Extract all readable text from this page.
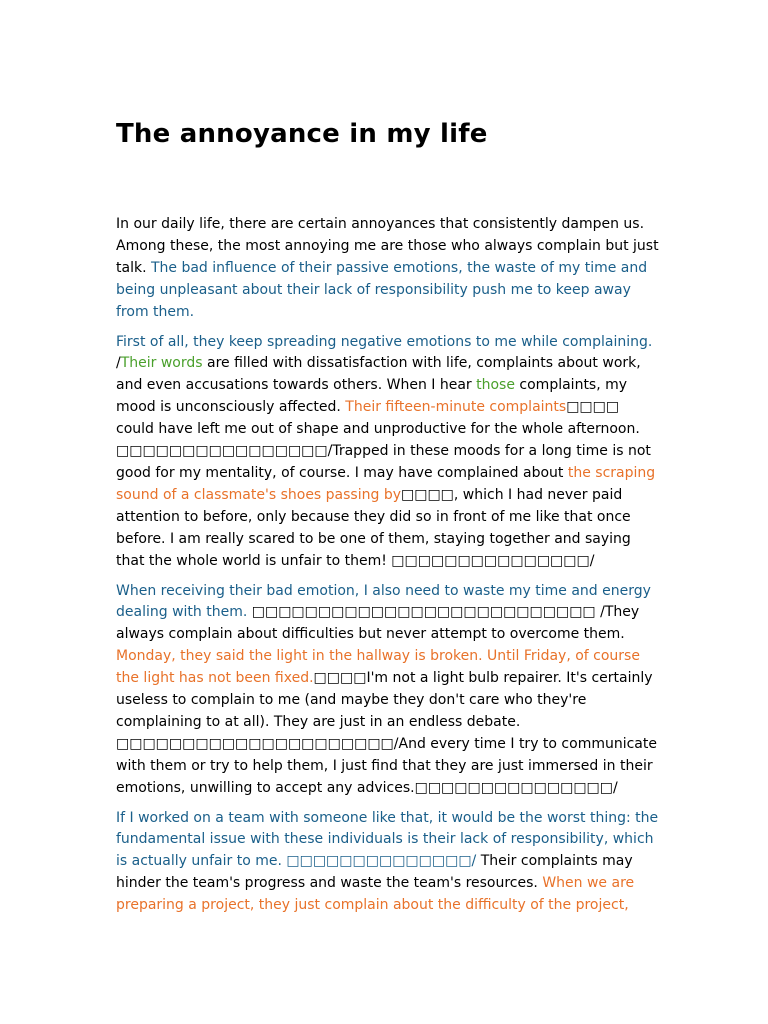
The annoyance in my life

In our daily life, there are certain annoyances that consistently dampen us. Among these, the most annoying me are those who always complain but just talk. The bad influence of their passive emotions, the waste of my time and being unpleasant about their lack of responsibility push me to keep away from them.

First of all, they keep spreading negative emotions to me while complaining. /Their words are filled with dissatisfaction with life, complaints about work, and even accusations towards others. When I hear those complaints, my mood is unconsciously affected. Their fifteen-minute complaints□□□□ could have left me out of shape and unproductive for the whole afternoon. □□□□□□□□□□□□□□□□/Trapped in these moods for a long time is not good for my mentality, of course. I may have complained about the scraping sound of a classmate's shoes passing by□□□□, which I had never paid attention to before, only because they did so in front of me like that once before. I am really scared to be one of them, staying together and saying that the whole world is unfair to them! □□□□□□□□□□□□□□□/

When receiving their bad emotion, I also need to waste my time and energy dealing with them. □□□□□□□□□□□□□□□□□□□□□□□□□□ /They always complain about difficulties but never attempt to overcome them. Monday, they said the light in the hallway is broken. Until Friday, of course the light has not been fixed.□□□□I'm not a light bulb repairer. It's certainly useless to complain to me (and maybe they don't care who they're complaining to at all). They are just in an endless debate. □□□□□□□□□□□□□□□□□□□□□/And every time I try to communicate with them or try to help them, I just find that they are just immersed in their emotions, unwilling to accept any advices.□□□□□□□□□□□□□□□/

If I worked on a team with someone like that, it would be the worst thing: the fundamental issue with these individuals is their lack of responsibility, which is actually unfair to me. □□□□□□□□□□□□□□/ Their complaints may hinder the team's progress and waste the team's resources. When we are preparing a project, they just complain about the difficulty of the project,
